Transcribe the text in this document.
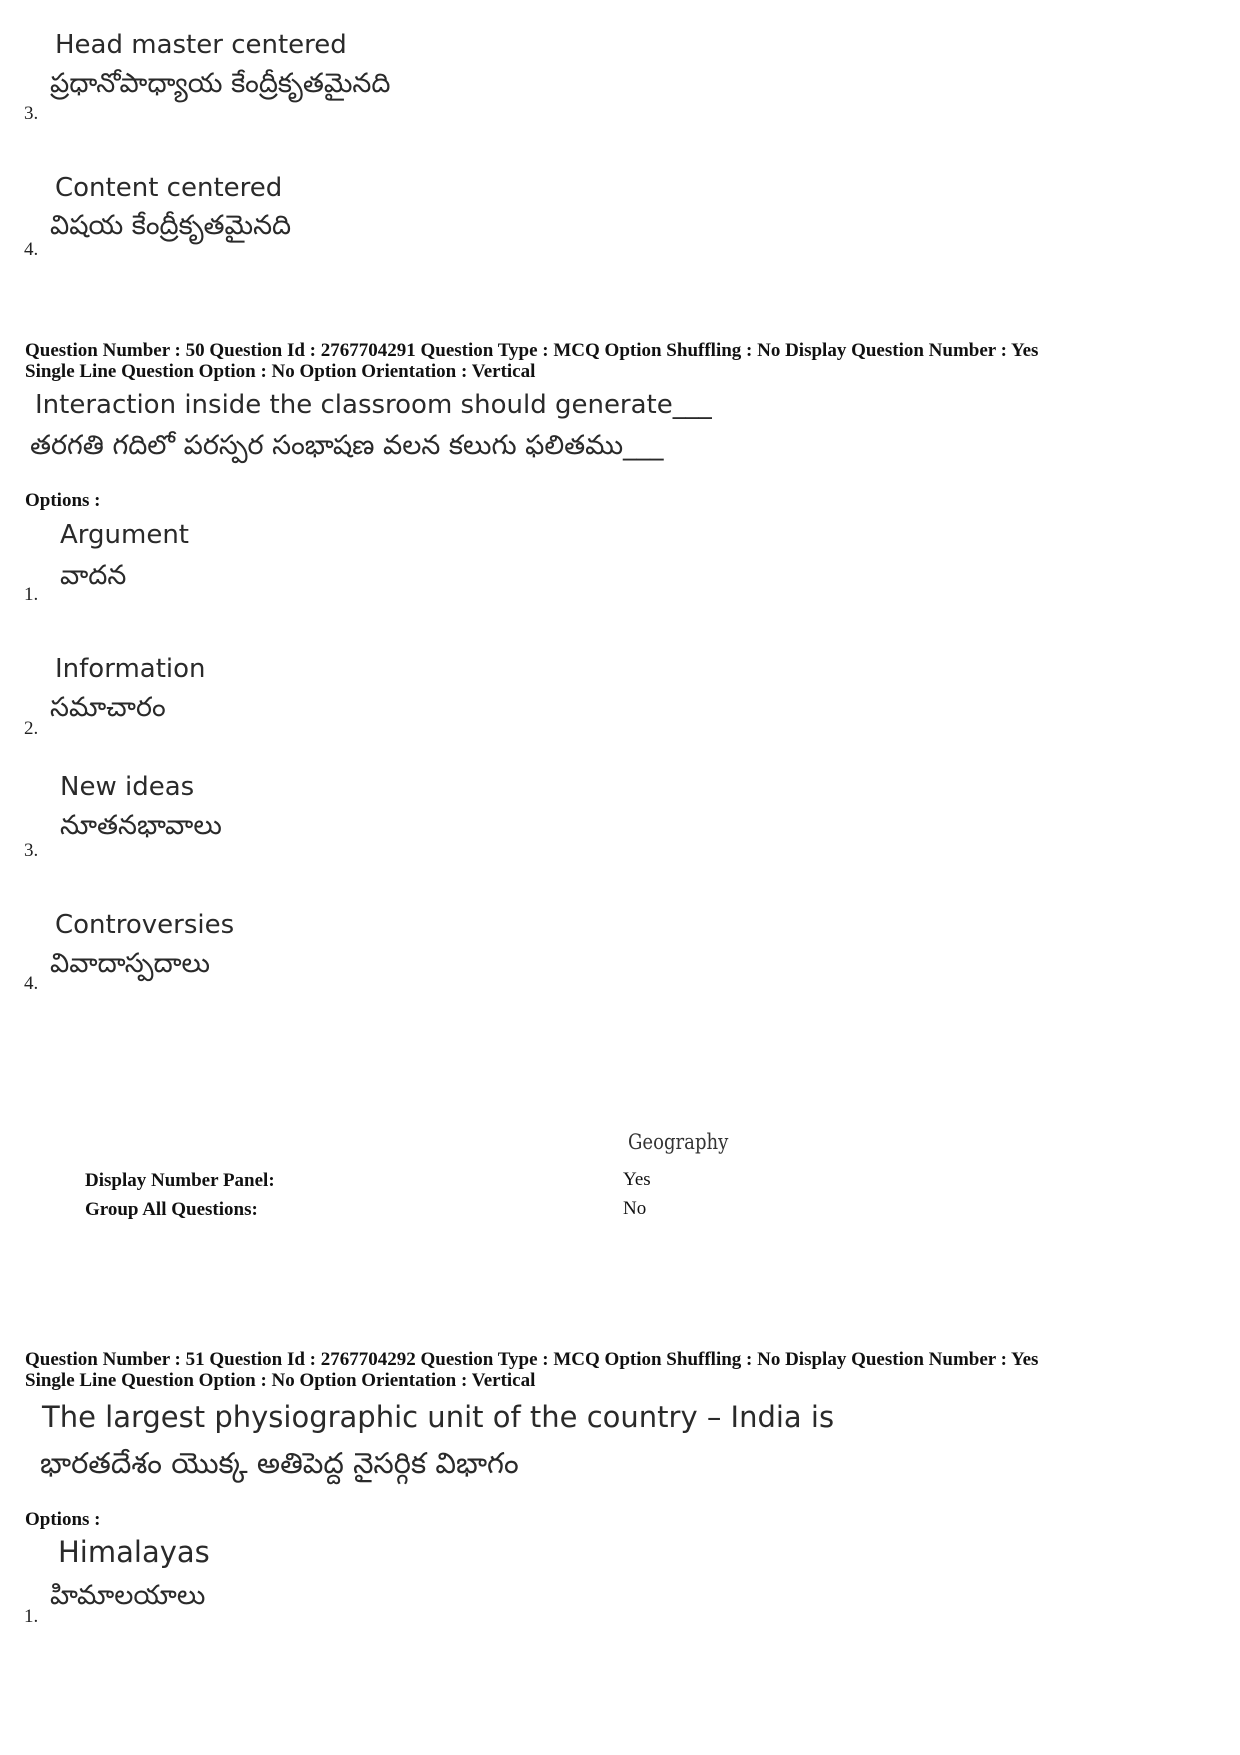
Head master centered
ప్రధానోపాధ్యాయ కేంద్రీకృతమైనది
3.
Content centered
విషయ కేంద్రీకృతమైనది
4.
Question Number : 50 Question Id : 2767704291 Question Type : MCQ Option Shuffling : No Display Question Number : Yes
Single Line Question Option : No Option Orientation : Vertical
Interaction inside the classroom should generate___
తరగతి గదిలో పరస్పర సంభాషణ వలన కలుగు ఫలితము___
Options :
Argument
వాదన
1.
Information
సమాచారం
2.
New ideas
నూతనభావాలు
3.
Controversies
వివాదాస్పదాలు
4.
Geography
Display Number Panel:	Yes
Group All Questions:	No
Question Number : 51 Question Id : 2767704292 Question Type : MCQ Option Shuffling : No Display Question Number : Yes
Single Line Question Option : No Option Orientation : Vertical
The largest physiographic unit of the country – India is
భారతదేశం యొక్క అతిపెద్ద నైసర్గిక విభాగం
Options :
Himalayas
హిమాలయాలు
1.
